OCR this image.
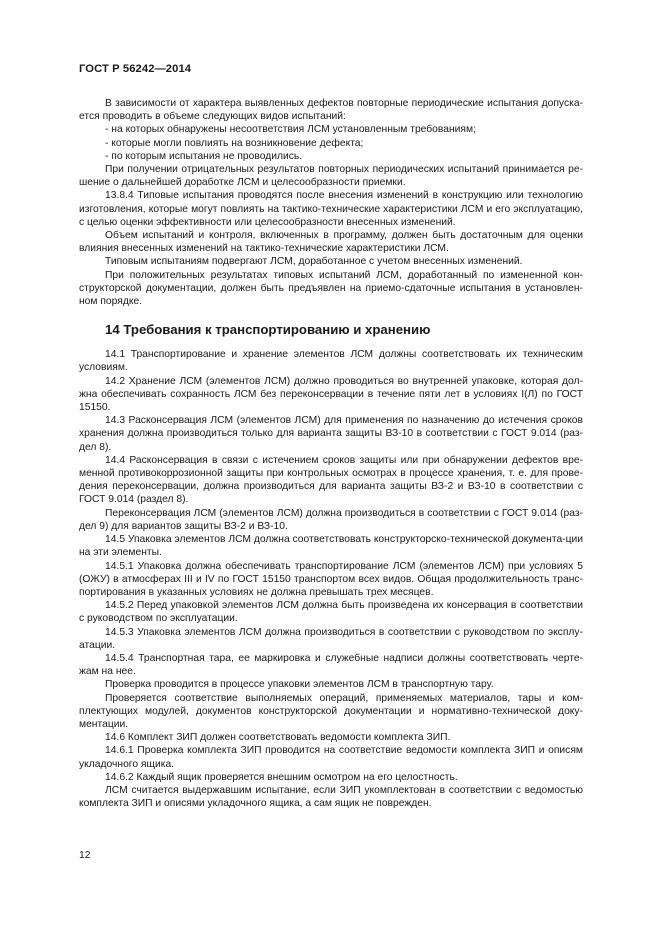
ГОСТ Р 56242—2014

В зависимости от характера выявленных дефектов повторные периодические испытания допуска-ется проводить в объеме следующих видов испытаний:

- на которых обнаружены несоответствия ЛСМ установленным требованиям;

- которые могли повлиять на возникновение дефекта;

- по которым испытания не проводились.

При получении отрицательных результатов повторных периодических испытаний принимается ре-шение о дальнейшей доработке ЛСМ и целесообразности приемки.

13.8.4 Типовые испытания проводятся после внесения изменений в конструкцию или технологию изготовления, которые могут повлиять на тактико-технические характеристики ЛСМ и его эксплуатацию, с целью оценки эффективности или целесообразности внесенных изменений.

Объем испытаний и контроля, включенных в программу, должен быть достаточным для оценки влияния внесенных изменений на тактико-технические характеристики ЛСМ.

Типовым испытаниям подвергают ЛСМ, доработанное с учетом внесенных изменений.

При положительных результатах типовых испытаний ЛСМ, доработанный по измененной кон-структорской документации, должен быть предъявлен на приемо-сдаточные испытания в установлен-ном порядке.

14 Требования к транспортированию и хранению

14.1 Транспортирование и хранение элементов ЛСМ должны соответствовать их техническим условиям.

14.2 Хранение ЛСМ (элементов ЛСМ) должно проводиться во внутренней упаковке, которая дол-жна обеспечивать сохранность ЛСМ без переконсервации в течение пяти лет в условиях I(Л) по ГОСТ 15150.

14.3 Расконсервация ЛСМ (элементов ЛСМ) для применения по назначению до истечения сроков хранения должна производиться только для варианта защиты ВЗ-10 в соответствии с ГОСТ 9.014 (раз-дел 8).

14.4 Расконсервация в связи с истечением сроков защиты или при обнаружении дефектов вре-менной противокоррозионной защиты при контрольных осмотрах в процессе хранения, т. е. для прове-дения переконсервации, должна производиться для варианта защиты ВЗ-2 и ВЗ-10 в соответствии с ГОСТ 9.014 (раздел 8).

Переконсервация ЛСМ (элементов ЛСМ) должна производиться в соответствии с ГОСТ 9.014 (раз-дел 9) для вариантов защиты ВЗ-2 и ВЗ-10.

14.5 Упаковка элементов ЛСМ должна соответствовать конструкторско-технической документа-ции на эти элементы.

14.5.1 Упаковка должна обеспечивать транспортирование ЛСМ (элементов ЛСМ) при условиях 5 (ОЖУ) в атмосферах III и IV по ГОСТ 15150 транспортом всех видов. Общая продолжительность транс-портирования в указанных условиях не должна превышать трех месяцев.

14.5.2 Перед упаковкой элементов ЛСМ должна быть произведена их консервация в соответствии с руководством по эксплуатации.

14.5.3 Упаковка элементов ЛСМ должна производиться в соответствии с руководством по эксплу-атации.

14.5.4 Транспортная тара, ее маркировка и служебные надписи должны соответствовать черте-жам на нее.

Проверка проводится в процессе упаковки элементов ЛСМ в транспортную тару.

Проверяется соответствие выполняемых операций, применяемых материалов, тары и ком-плектующих модулей, документов конструкторской документации и нормативно-технической доку-ментации.

14.6 Комплект ЗИП должен соответствовать ведомости комплекта ЗИП.

14.6.1 Проверка комплекта ЗИП проводится на соответствие ведомости комплекта ЗИП и описям укладочного ящика.

14.6.2 Каждый ящик проверяется внешним осмотром на его целостность.

ЛСМ считается выдержавшим испытание, если ЗИП укомплектован в соответствии с ведомостью комплекта ЗИП и описями укладочного ящика, а сам ящик не поврежден.

12
